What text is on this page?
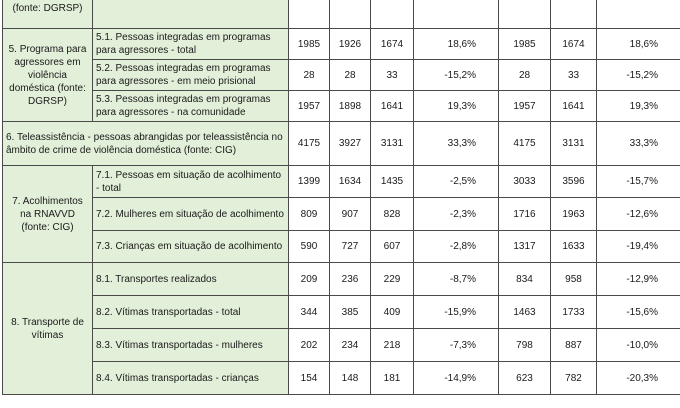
(fonte: DGRSP)								
5. Programa para agressores em violência doméstica (fonte: DGRSP)	5.1. Pessoas integradas em programas para agressores - total	1985	1926	1674	18,6%	1985	1674	18,6%
	5.2. Pessoas integradas em programas para agressores - em meio prisional	28	28	33	-15,2%	28	33	-15,2%
	5.3. Pessoas integradas em programas para agressores - na comunidade	1957	1898	1641	19,3%	1957	1641	19,3%
6. Teleassistência - pessoas abrangidas por teleassistência no âmbito de crime de violência doméstica (fonte: CIG)		4175	3927	3131	33,3%	4175	3131	33,3%
7. Acolhimentos na RNAVVD (fonte: CIG)	7.1. Pessoas em situação de acolhimento - total	1399	1634	1435	-2,5%	3033	3596	-15,7%
	7.2. Mulheres em situação de acolhimento	809	907	828	-2,3%	1716	1963	-12,6%
	7.3. Crianças em situação de acolhimento	590	727	607	-2,8%	1317	1633	-19,4%
8. Transporte de vítimas	8.1. Transportes realizados	209	236	229	-8,7%	834	958	-12,9%
	8.2. Vítimas transportadas - total	344	385	409	-15,9%	1463	1733	-15,6%
	8.3. Vítimas transportadas - mulheres	202	234	218	-7,3%	798	887	-10,0%
	8.4. Vítimas transportadas - crianças	154	148	181	-14,9%	623	782	-20,3%
